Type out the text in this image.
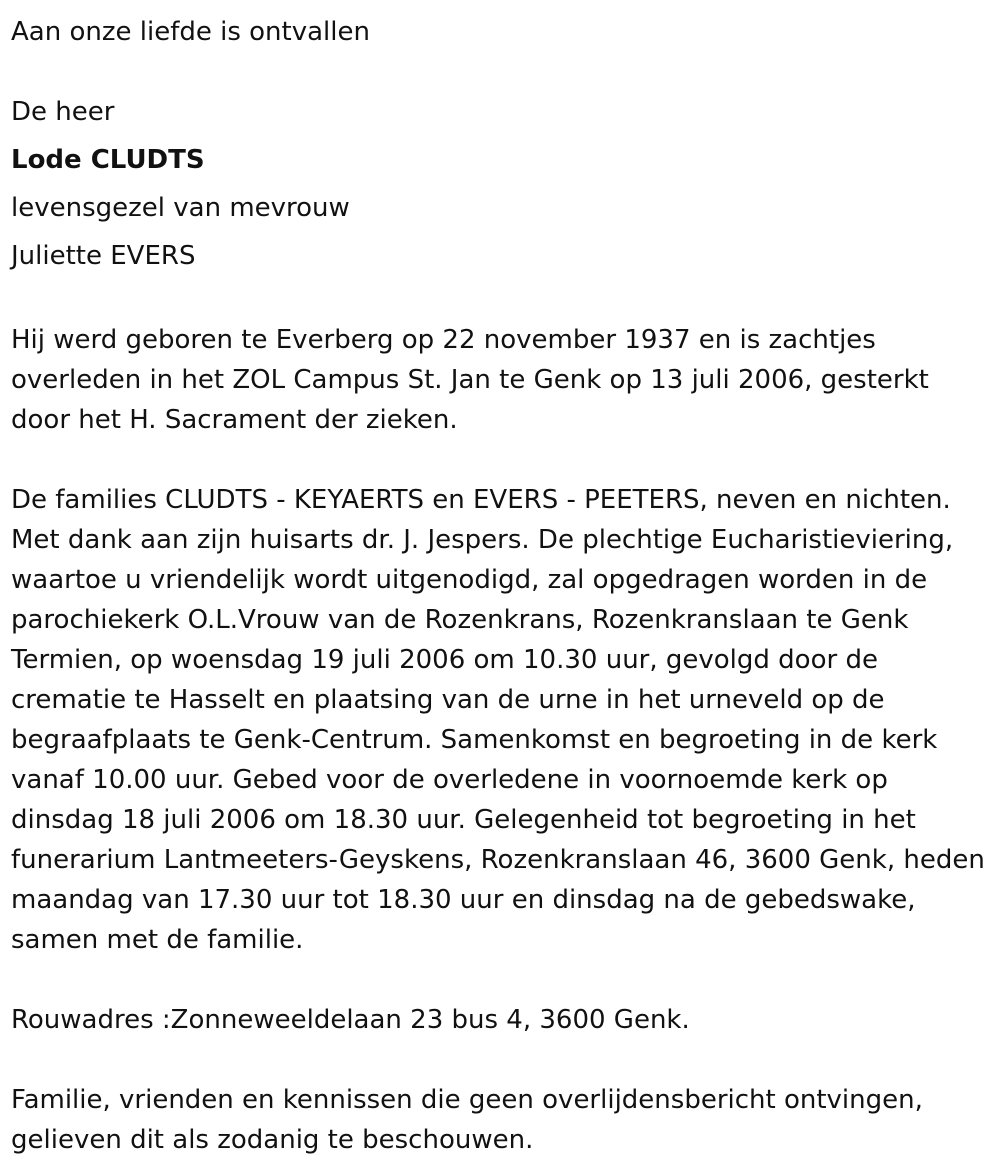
Aan onze liefde is ontvallen
De heer
Lode CLUDTS
levensgezel van mevrouw
Juliette EVERS

Hij werd geboren te Everberg op 22 november 1937 en is zachtjes overleden in het ZOL Campus St. Jan te Genk op 13 juli 2006, gesterkt door het H. Sacrament der zieken.

De families CLUDTS - KEYAERTS en EVERS - PEETERS, neven en nichten. Met dank aan zijn huisarts dr. J. Jespers. De plechtige Eucharistieviering, waartoe u vriendelijk wordt uitgenodigd, zal opgedragen worden in de parochiekerk O.L.Vrouw van de Rozenkrans, Rozenkranslaan te Genk Termien, op woensdag 19 juli 2006 om 10.30 uur, gevolgd door de crematie te Hasselt en plaatsing van de urne in het urneveld op de begraafplaats te Genk-Centrum. Samenkomst en begroeting in de kerk vanaf 10.00 uur. Gebed voor de overledene in voornoemde kerk op dinsdag 18 juli 2006 om 18.30 uur. Gelegenheid tot begroeting in het funerarium Lantmeeters-Geyskens, Rozenkranslaan 46, 3600 Genk, heden maandag van 17.30 uur tot 18.30 uur en dinsdag na de gebedswake, samen met de familie.

Rouwadres :Zonneweeldelaan 23 bus 4, 3600 Genk.

Familie, vrienden en kennissen die geen overlijdensbericht ontvingen, gelieven dit als zodanig te beschouwen.
